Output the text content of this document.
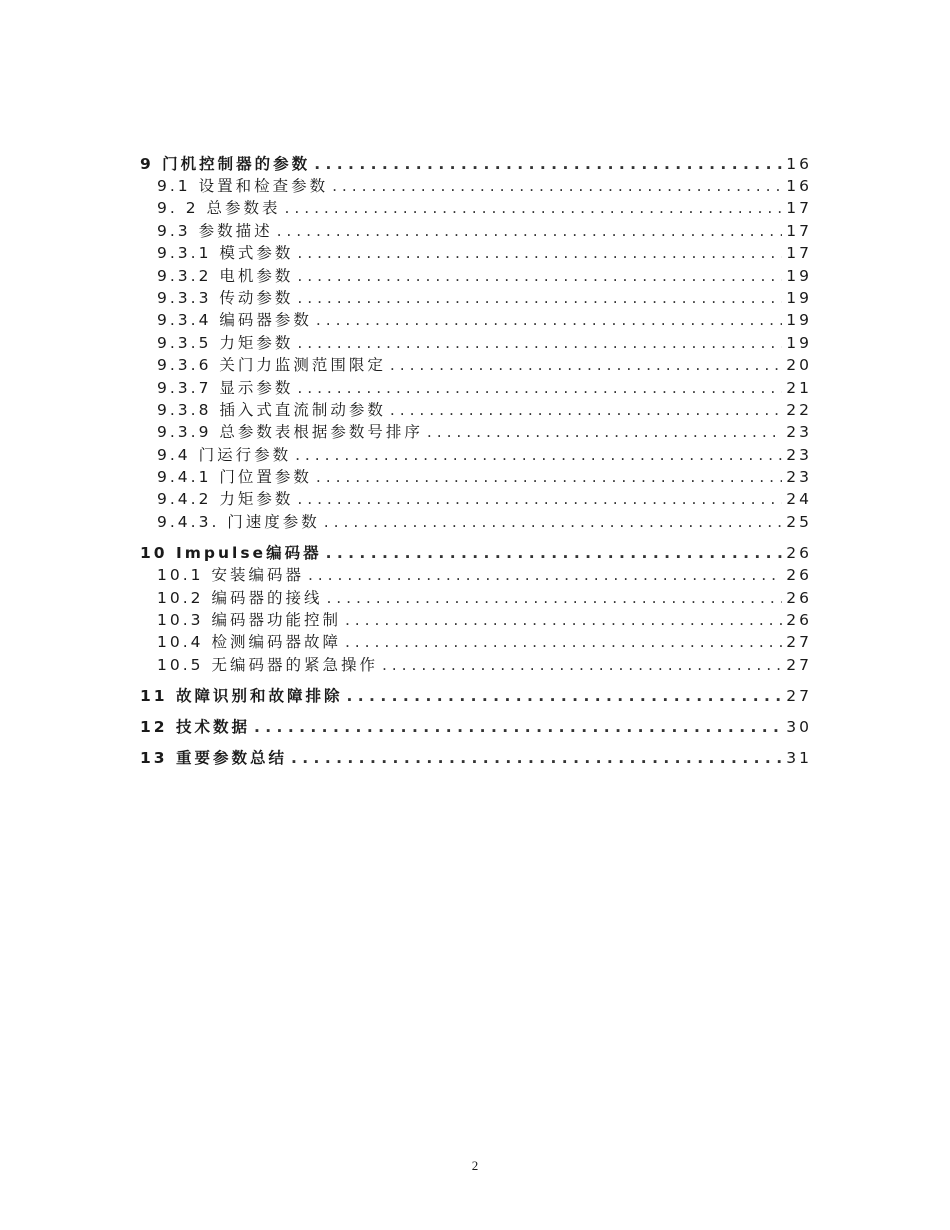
9 门机控制器的参数 . . .	16
9.1 设置和检查参数 . . .	16
9. 2 总参数表 . . .	17
9.3 参数描述 . . .	17
9.3.1 模式参数 . . .	17
9.3.2 电机参数 . . .	19
9.3.3 传动参数 . . .	19
9.3.4 编码器参数 . . .	19
9.3.5 力矩参数 . . .	19
9.3.6 关门力监测范围限定 . . .	20
9.3.7 显示参数 . . .	21
9.3.8 插入式直流制动参数 . . .	22
9.3.9 总参数表根据参数号排序 . . .	23
9.4 门运行参数 . . .	23
9.4.1 门位置参数 . . .	23
9.4.2 力矩参数 . . .	24
9.4.3. 门速度参数 . . .	25
10 Impulse编码器 . . .	26
10.1 安装编码器 . . .	26
10.2 编码器的接线 . . .	26
10.3 编码器功能控制 . . .	26
10.4 检测编码器故障 . . .	27
10.5 无编码器的紧急操作 . . .	27
11 故障识别和故障排除 . . .	27
12 技术数据 . . .	30
13 重要参数总结 . . .	31
2
